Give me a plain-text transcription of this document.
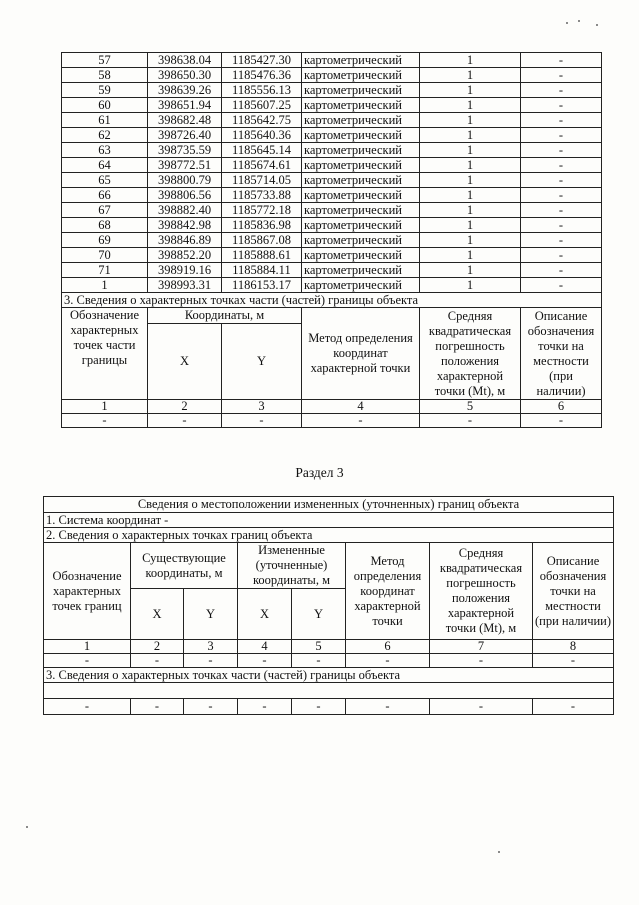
57	398638.04	1185427.30	картометрический	1	-
58	398650.30	1185476.36	картометрический	1	-
59	398639.26	1185556.13	картометрический	1	-
60	398651.94	1185607.25	картометрический	1	-
61	398682.48	1185642.75	картометрический	1	-
62	398726.40	1185640.36	картометрический	1	-
63	398735.59	1185645.14	картометрический	1	-
64	398772.51	1185674.61	картометрический	1	-
65	398800.79	1185714.05	картометрический	1	-
66	398806.56	1185733.88	картометрический	1	-
67	398882.40	1185772.18	картометрический	1	-
68	398842.98	1185836.98	картометрический	1	-
69	398846.89	1185867.08	картометрический	1	-
70	398852.20	1185888.61	картометрический	1	-
71	398919.16	1185884.11	картометрический	1	-
1	398993.31	1186153.17	картометрический	1	-
3. Сведения о характерных точках части (частей) границы объекта					
Обозначение характерных точек части границы	Координаты, м		Метод определения координат характерной точки	Средняя квадратическая погрешность положения характерной точки (Mt), м	Описание обозначения точки на местности (при наличии)
	X	Y			
1	2	3	4	5	6
-	-	-	-	-	-
Раздел 3
Сведения о местоположении измененных (уточненных) границ объекта							
1. Система координат -							
2. Сведения о характерных точках границ объекта							
Обозначение характерных точек границ	Существующие координаты, м		Измененные (уточненные) координаты, м		Метод определения координат характерной точки	Средняя квадратическая погрешность положения характерной точки (Mt), м	Описание обозначения точки на местности (при наличии)
	X	Y	X	Y			
1	2	3	4	5	6	7	8
-	-	-	-	-	-	-	-
3. Сведения о характерных точках части (частей) границы объекта							

-	-	-	-	-	-	-	-
